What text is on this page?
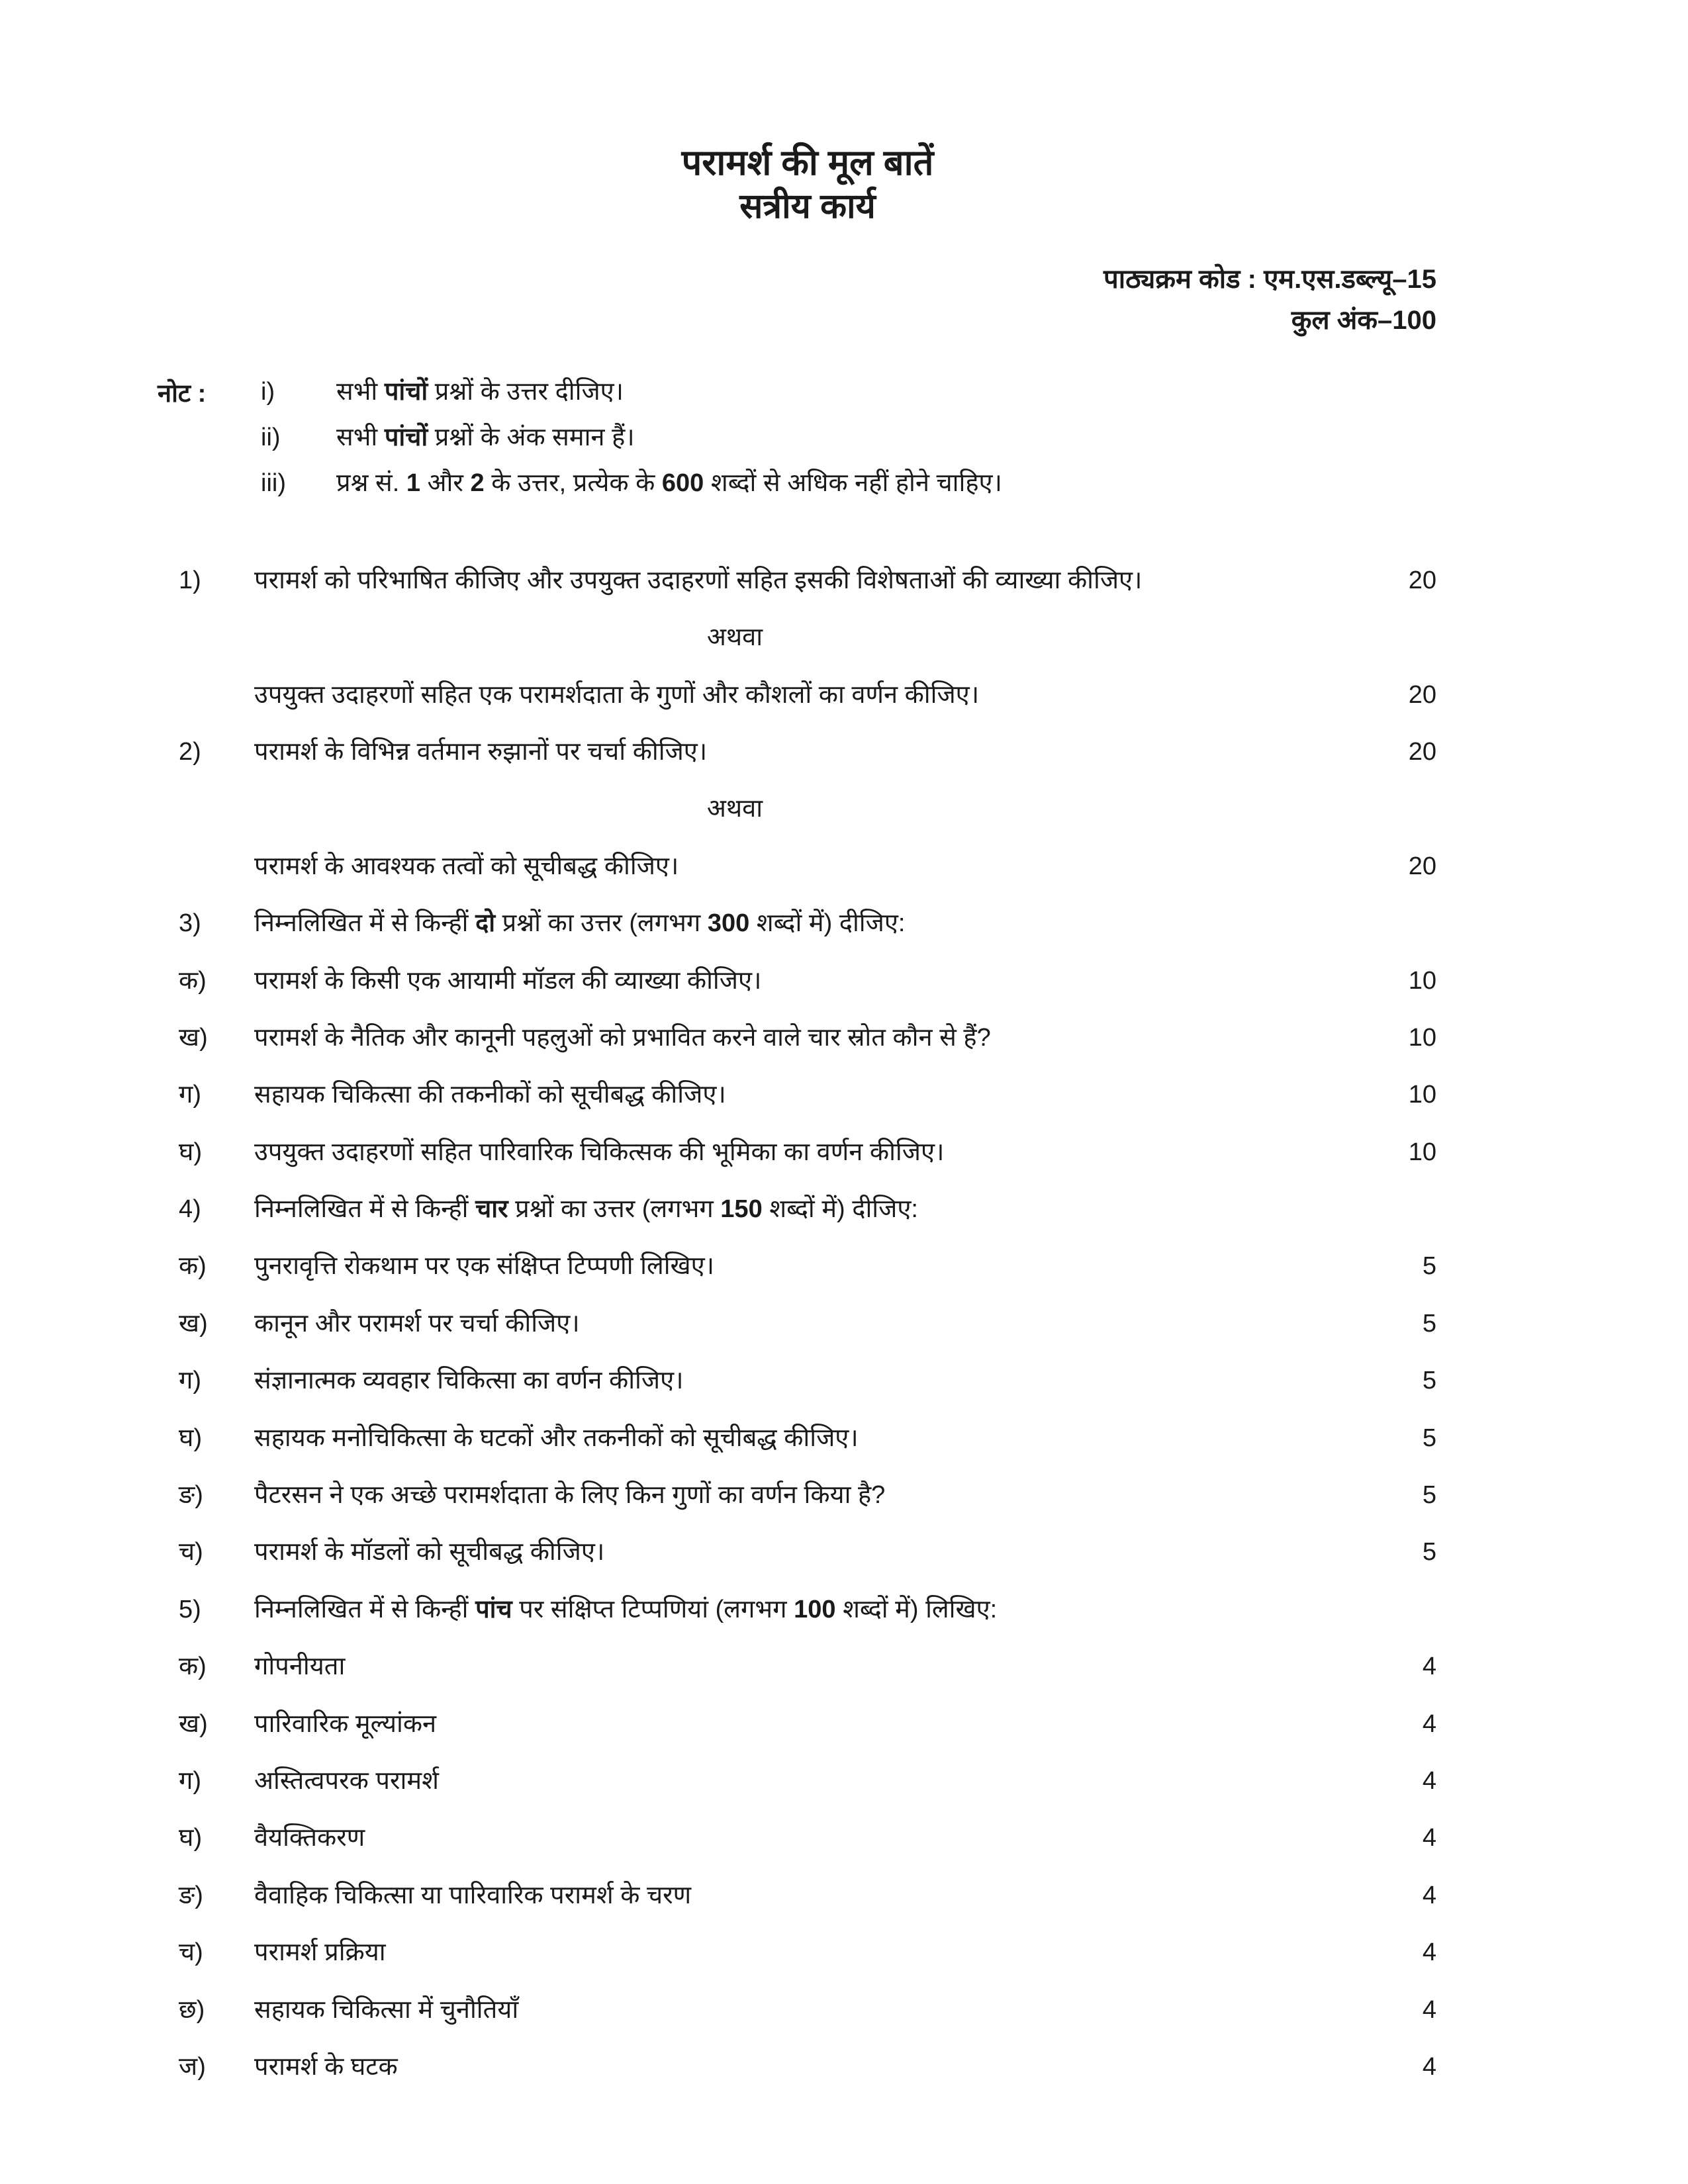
परामर्श की मूल बातें
सत्रीय कार्य
पाठ्यक्रम कोड : एम.एस.डब्ल्यू–15
कुल अंक–100
नोट :	i)	सभी पांचों प्रश्नों के उत्तर दीजिए।
ii)	सभी पांचों प्रश्नों के अंक समान हैं।
iii)	प्रश्न सं. 1 और 2 के उत्तर, प्रत्येक के 600 शब्दों से अधिक नहीं होने चाहिए।
1)	परामर्श को परिभाषित कीजिए और उपयुक्त उदाहरणों सहित इसकी विशेषताओं की व्याख्या कीजिए।	20
अथवा
उपयुक्त उदाहरणों सहित एक परामर्शदाता के गुणों और कौशलों का वर्णन कीजिए।	20
2)	परामर्श के विभिन्न वर्तमान रुझानों पर चर्चा कीजिए।	20
अथवा
परामर्श के आवश्यक तत्वों को सूचीबद्ध कीजिए।	20
3)	निम्नलिखित में से किन्हीं दो प्रश्नों का उत्तर (लगभग 300 शब्दों में) दीजिए:
क)	परामर्श के किसी एक आयामी मॉडल की व्याख्या कीजिए।	10
ख)	परामर्श के नैतिक और कानूनी पहलुओं को प्रभावित करने वाले चार स्रोत कौन से हैं?	10
ग)	सहायक चिकित्सा की तकनीकों को सूचीबद्ध कीजिए।	10
घ)	उपयुक्त उदाहरणों सहित पारिवारिक चिकित्सक की भूमिका का वर्णन कीजिए।	10
4)	निम्नलिखित में से किन्हीं चार प्रश्नों का उत्तर (लगभग 150 शब्दों में) दीजिए:
क)	पुनरावृत्ति रोकथाम पर एक संक्षिप्त टिप्पणी लिखिए।	5
ख)	कानून और परामर्श पर चर्चा कीजिए।	5
ग)	संज्ञानात्मक व्यवहार चिकित्सा का वर्णन कीजिए।	5
घ)	सहायक मनोचिकित्सा के घटकों और तकनीकों को सूचीबद्ध कीजिए।	5
ङ)	पैटरसन ने एक अच्छे परामर्शदाता के लिए किन गुणों का वर्णन किया है?	5
च)	परामर्श के मॉडलों को सूचीबद्ध कीजिए।	5
5)	निम्नलिखित में से किन्हीं पांच पर संक्षिप्त टिप्पणियां (लगभग 100 शब्दों में) लिखिए:
क)	गोपनीयता	4
ख)	पारिवारिक मूल्यांकन	4
ग)	अस्तित्वपरक परामर्श	4
घ)	वैयक्तिकरण	4
ङ)	वैवाहिक चिकित्सा या पारिवारिक परामर्श के चरण	4
च)	परामर्श प्रक्रिया	4
छ)	सहायक चिकित्सा में चुनौतियाँ	4
ज)	परामर्श के घटक	4
